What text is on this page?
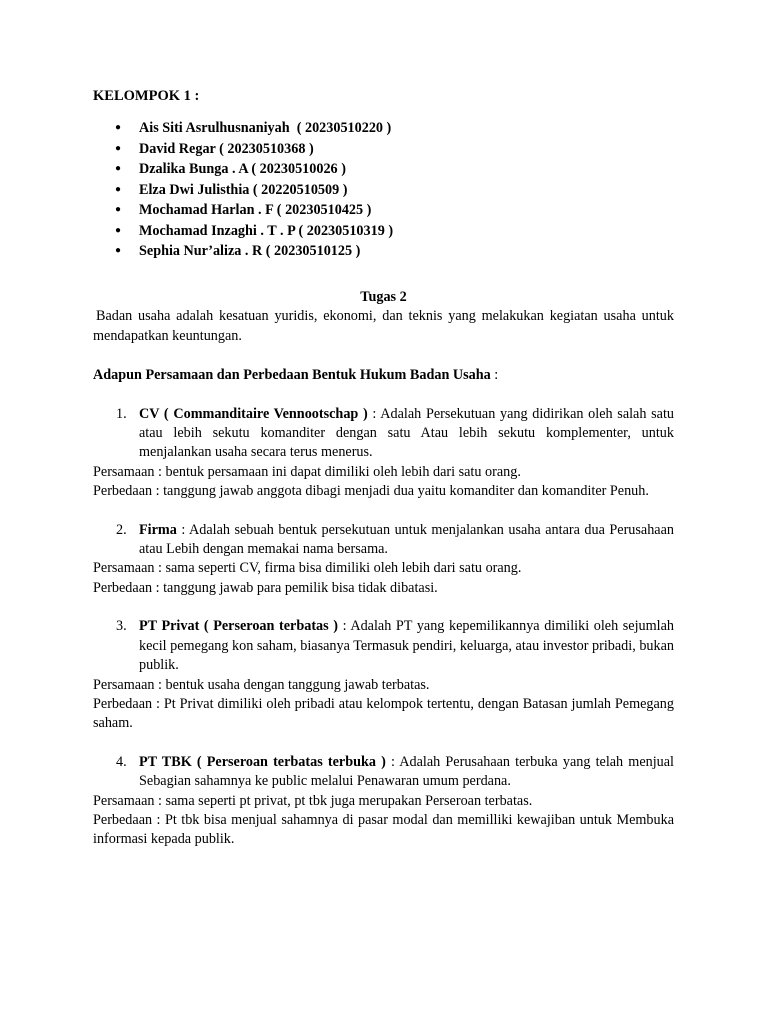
KELOMPOK 1 :
● Ais Siti Asrulhusnaniyah  ( 20230510220 )
● David Regar ( 20230510368 )
● Dzalika Bunga . A ( 20230510026 )
● Elza Dwi Julisthia ( 20220510509 )
● Mochamad Harlan . F ( 20230510425 )
● Mochamad Inzaghi . T . P ( 20230510319 )
● Sephia Nur’aliza . R ( 20230510125 )

Tugas 2

Badan usaha adalah kesatuan yuridis, ekonomi, dan teknis yang melakukan kegiatan usaha untuk mendapatkan keuntungan.

Adapun Persamaan dan Perbedaan Bentuk Hukum Badan Usaha :

1. CV ( Commanditaire Vennootschap ) : Adalah Persekutuan yang didirikan oleh salah satu atau lebih sekutu komanditer dengan satu Atau lebih sekutu komplementer, untuk menjalankan usaha secara terus menerus.
Persamaan : bentuk persamaan ini dapat dimiliki oleh lebih dari satu orang.
Perbedaan : tanggung jawab anggota dibagi menjadi dua yaitu komanditer dan komanditer Penuh.
2. Firma : Adalah sebuah bentuk persekutuan untuk menjalankan usaha antara dua Perusahaan atau Lebih dengan memakai nama bersama.
Persamaan : sama seperti CV, firma bisa dimiliki oleh lebih dari satu orang.
Perbedaan : tanggung jawab para pemilik bisa tidak dibatasi.
3. PT Privat ( Perseroan terbatas ) : Adalah PT yang kepemilikannya dimiliki oleh sejumlah kecil pemegang kon saham, biasanya Termasuk pendiri, keluarga, atau investor pribadi, bukan publik.
Persamaan : bentuk usaha dengan tanggung jawab terbatas.
Perbedaan : Pt Privat dimiliki oleh pribadi atau kelompok tertentu, dengan Batasan jumlah Pemegang saham.
4. PT TBK ( Perseroan terbatas terbuka ) : Adalah Perusahaan terbuka yang telah menjual Sebagian sahamnya ke public melalui Penawaran umum perdana.
Persamaan : sama seperti pt privat, pt tbk juga merupakan Perseroan terbatas.
Perbedaan : Pt tbk bisa menjual sahamnya di pasar modal dan memilliki kewajiban untuk Membuka informasi kepada publik.
